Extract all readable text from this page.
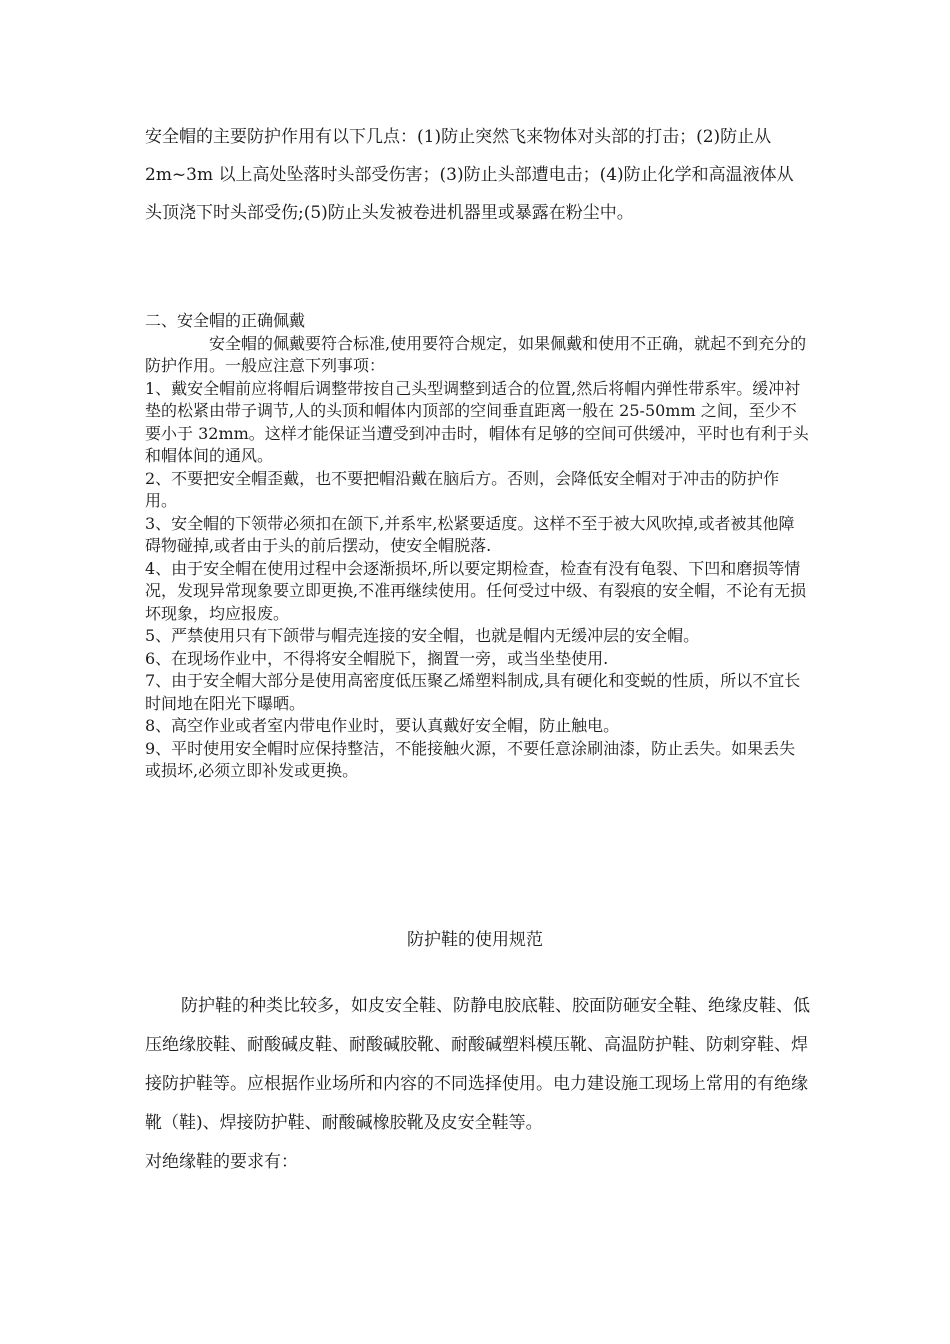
安全帽的主要防护作用有以下几点：(1)防止突然飞来物体对头部的打击；(2)防止从 2m~3m 以上高处坠落时头部受伤害；(3)防止头部遭电击；(4)防止化学和高温液体从头顶浇下时头部受伤;(5)防止头发被卷进机器里或暴露在粉尘中。

二、安全帽的正确佩戴

安全帽的佩戴要符合标准,使用要符合规定，如果佩戴和使用不正确，就起不到充分的防护作用。一般应注意下列事项：

1、戴安全帽前应将帽后调整带按自己头型调整到适合的位置,然后将帽内弹性带系牢。缓冲衬垫的松紧由带子调节,人的头顶和帽体内顶部的空间垂直距离一般在 25-50mm 之间，至少不要小于 32mm。这样才能保证当遭受到冲击时，帽体有足够的空间可供缓冲，平时也有利于头和帽体间的通风。

2、不要把安全帽歪戴，也不要把帽沿戴在脑后方。否则，会降低安全帽对于冲击的防护作用。

3、安全帽的下领带必须扣在颌下,并系牢,松紧要适度。这样不至于被大风吹掉,或者被其他障碍物碰掉,或者由于头的前后摆动，使安全帽脱落.

4、由于安全帽在使用过程中会逐渐损坏,所以要定期检查，检查有没有龟裂、下凹和磨损等情况，发现异常现象要立即更换,不准再继续使用。任何受过中级、有裂痕的安全帽，不论有无损坏现象，均应报废。

5、严禁使用只有下颌带与帽壳连接的安全帽，也就是帽内无缓冲层的安全帽。

6、在现场作业中，不得将安全帽脱下，搁置一旁，或当坐垫使用.

7、由于安全帽大部分是使用高密度低压聚乙烯塑料制成,具有硬化和变蜕的性质，所以不宜长时间地在阳光下曝晒。

8、高空作业或者室内带电作业时，要认真戴好安全帽，防止触电。

9、平时使用安全帽时应保持整洁，不能接触火源，不要任意涂刷油漆，防止丢失。如果丢失或损坏,必须立即补发或更换。

防护鞋的使用规范

防护鞋的种类比较多，如皮安全鞋、防静电胶底鞋、胶面防砸安全鞋、绝缘皮鞋、低压绝缘胶鞋、耐酸碱皮鞋、耐酸碱胶靴、耐酸碱塑料模压靴、高温防护鞋、防刺穿鞋、焊接防护鞋等。应根据作业场所和内容的不同选择使用。电力建设施工现场上常用的有绝缘靴（鞋)、焊接防护鞋、耐酸碱橡胶靴及皮安全鞋等。

对绝缘鞋的要求有：
